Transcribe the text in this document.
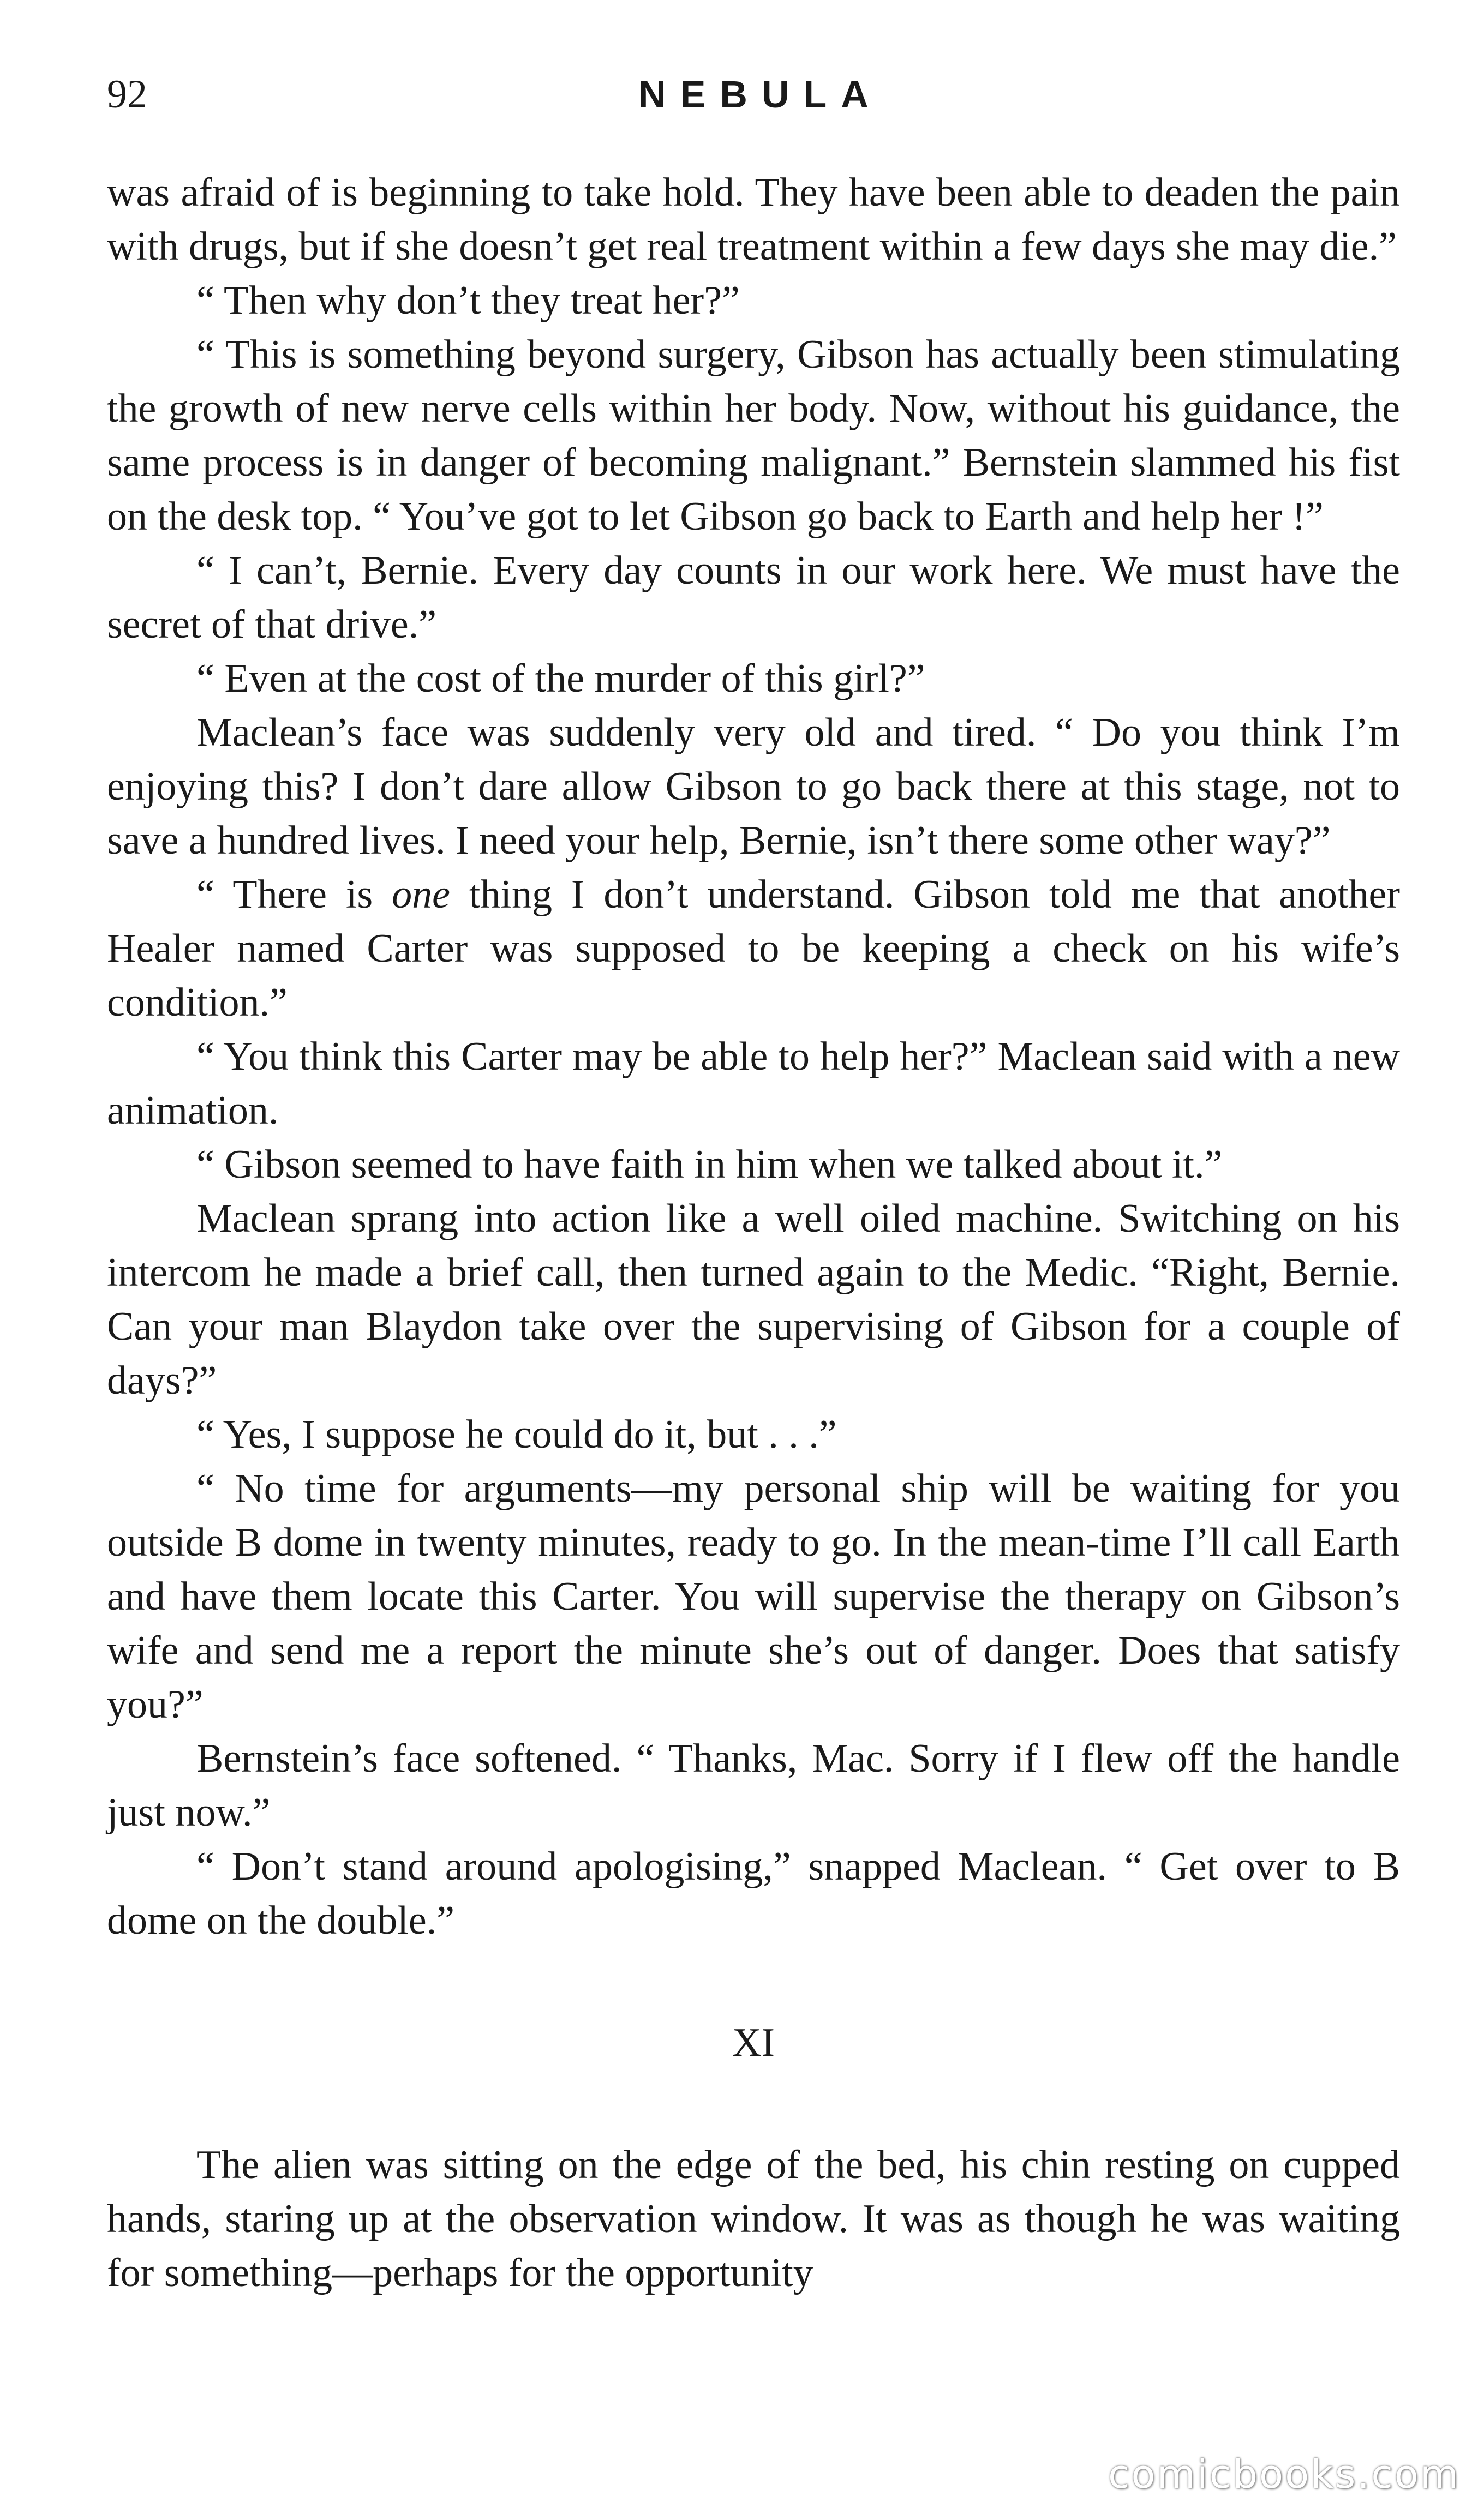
92	NEBULA

was afraid of is beginning to take hold. They have been able to deaden the pain with drugs, but if she doesn’t get real treatment within a few days she may die.”

“ Then why don’t they treat her?”

“ This is something beyond surgery, Gibson has actually been stimulating the growth of new nerve cells within her body. Now, without his guidance, the same process is in danger of becoming malignant.” Bernstein slammed his fist on the desk top. “ You’ve got to let Gibson go back to Earth and help her !”

“ I can’t, Bernie. Every day counts in our work here. We must have the secret of that drive.”

“ Even at the cost of the murder of this girl?”

Maclean’s face was suddenly very old and tired. “ Do you think I’m enjoying this? I don’t dare allow Gibson to go back there at this stage, not to save a hundred lives. I need your help, Bernie, isn’t there some other way?”

“ There is one thing I don’t understand. Gibson told me that another Healer named Carter was supposed to be keeping a check on his wife’s condition.”

“ You think this Carter may be able to help her?” Maclean said with a new animation.

“ Gibson seemed to have faith in him when we talked about it.”

Maclean sprang into action like a well oiled machine. Switching on his intercom he made a brief call, then turned again to the Medic. “Right, Bernie. Can your man Blaydon take over the supervising of Gibson for a couple of days?”

“ Yes, I suppose he could do it, but . . .”

“ No time for arguments—my personal ship will be waiting for you outside B dome in twenty minutes, ready to go. In the mean-time I’ll call Earth and have them locate this Carter. You will supervise the therapy on Gibson’s wife and send me a report the minute she’s out of danger. Does that satisfy you?”

Bernstein’s face softened. “ Thanks, Mac. Sorry if I flew off the handle just now.”

“ Don’t stand around apologising,” snapped Maclean. “ Get over to B dome on the double.”

XI

The alien was sitting on the edge of the bed, his chin resting on cupped hands, staring up at the observation window. It was as though he was waiting for something—perhaps for the opportunity

comicbooks.com
